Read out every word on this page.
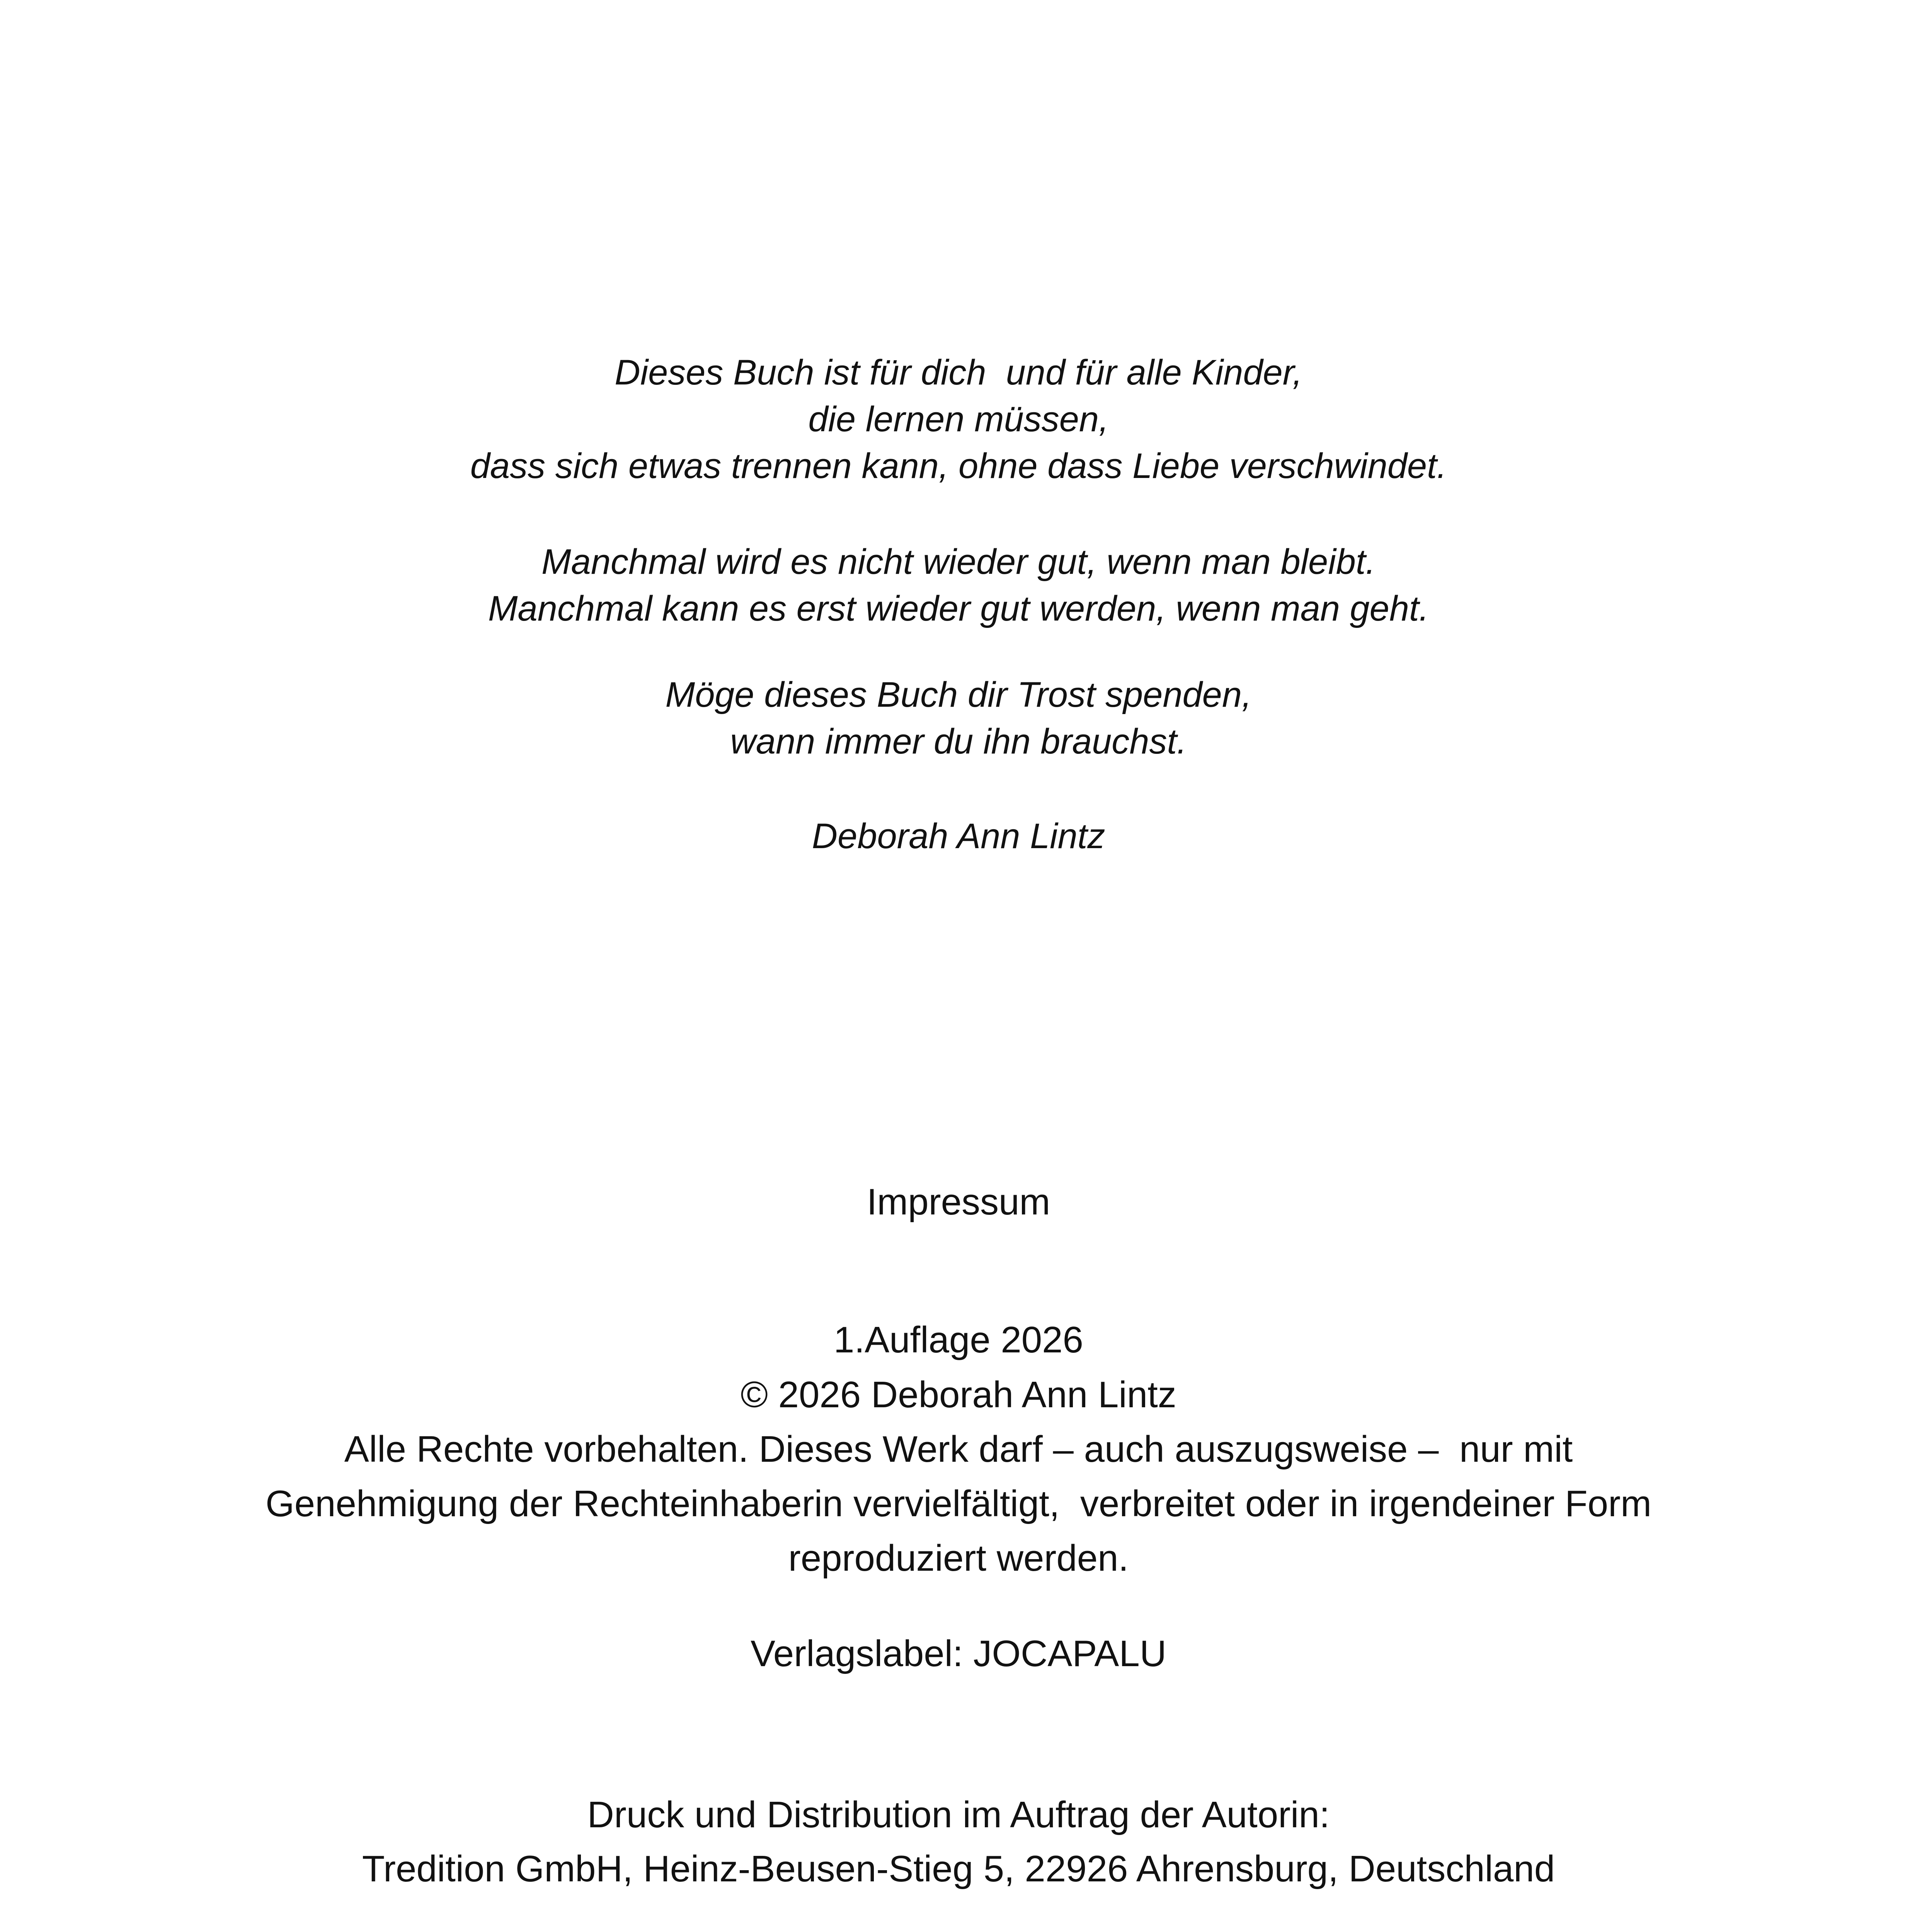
Dieses Buch ist für dich  und für alle Kinder,
die lernen müssen,
dass sich etwas trennen kann, ohne dass Liebe verschwindet.
Manchmal wird es nicht wieder gut, wenn man bleibt.
Manchmal kann es erst wieder gut werden, wenn man geht.
Möge dieses Buch dir Trost spenden,
wann immer du ihn brauchst.
Deborah Ann Lintz
Impressum
1.Auflage 2026
© 2026 Deborah Ann Lintz
Alle Rechte vorbehalten. Dieses Werk darf – auch auszugsweise –  nur mit
Genehmigung der Rechteinhaberin vervielfältigt,  verbreitet oder in irgendeiner Form
reproduziert werden.
Verlagslabel: JOCAPALU
Druck und Distribution im Auftrag der Autorin:
Tredition GmbH, Heinz-Beusen-Stieg 5, 22926 Ahrensburg, Deutschland
